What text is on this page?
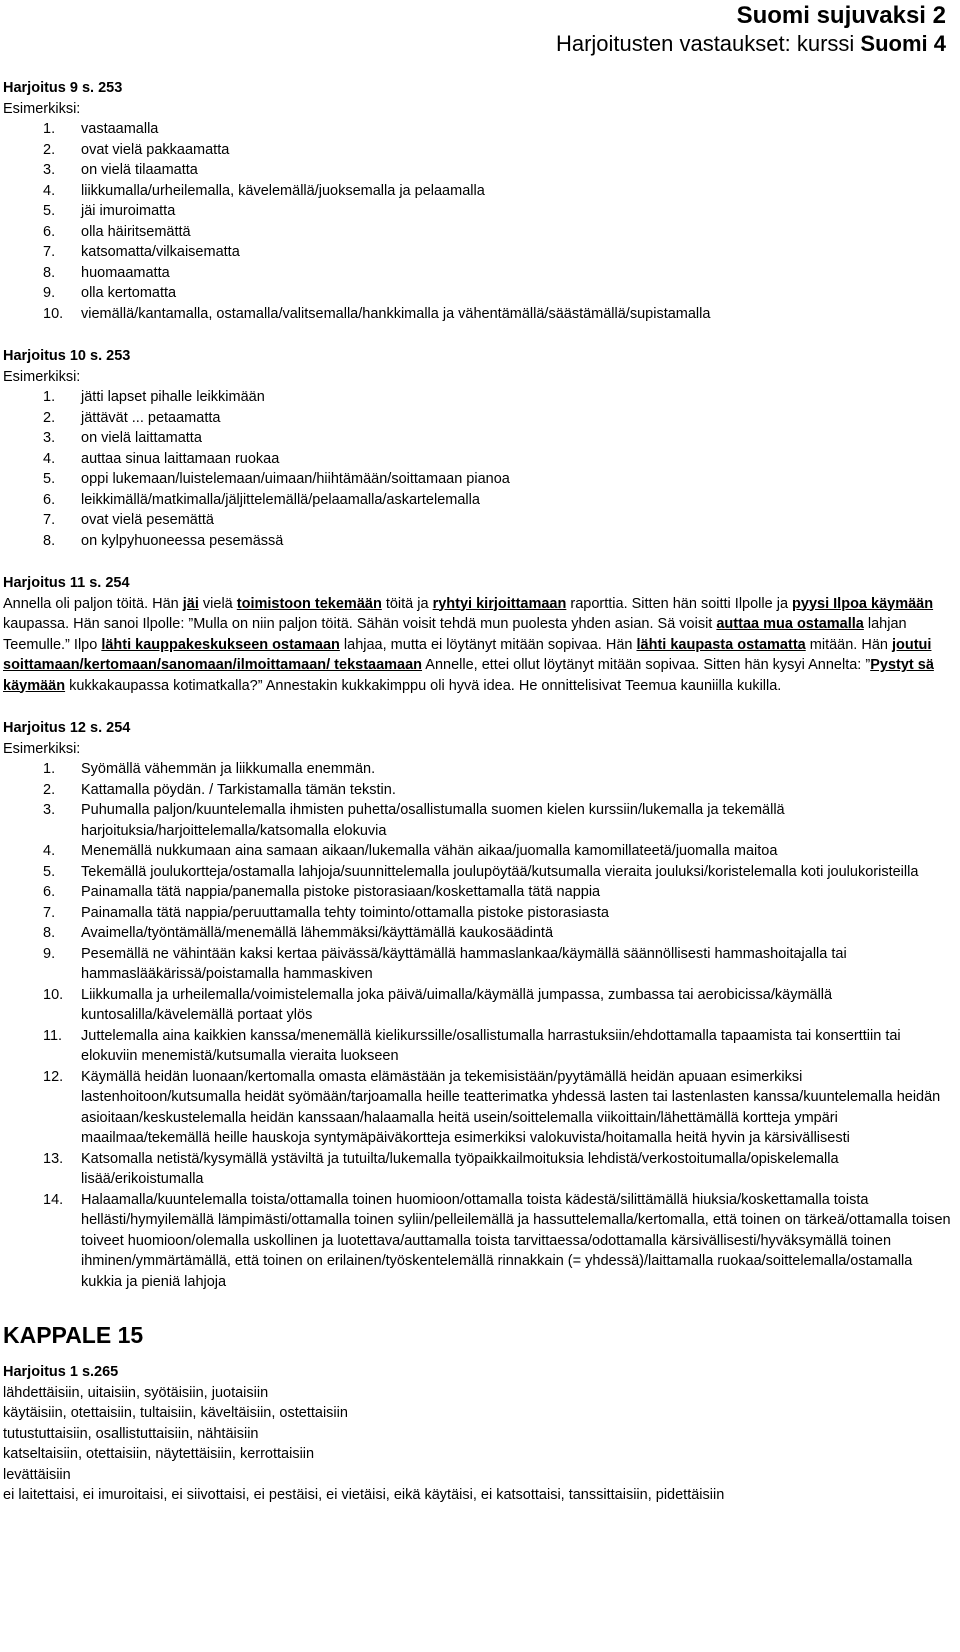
Suomi sujuvaksi 2
Harjoitusten vastaukset: kurssi Suomi 4
Harjoitus 9 s. 253
Esimerkiksi:
1.	vastaamalla
2.	ovat vielä pakkaamatta
3.	on vielä tilaamatta
4.	liikkumalla/urheilemalla, kävelemällä/juoksemalla ja pelaamalla
5.	jäi imuroimatta
6.	olla häiritsemättä
7.	katsomatta/vilkaisematta
8.	huomaamatta
9.	olla kertomatta
10.	viemällä/kantamalla, ostamalla/valitsemalla/hankkimalla ja vähentämällä/säästämällä/supistamalla
Harjoitus 10 s. 253
Esimerkiksi:
1.	jätti lapset pihalle leikkimään
2.	jättävät ... petaamatta
3.	on vielä laittamatta
4.	auttaa sinua laittamaan ruokaa
5.	oppi lukemaan/luistelemaan/uimaan/hiihtämään/soittamaan pianoa
6.	leikkimällä/matkimalla/jäljittelemällä/pelaamalla/askartelemalla
7.	ovat vielä pesemättä
8.	on kylpyhuoneessa pesemässä
Harjoitus 11 s. 254

Annella oli paljon töitä. Hän jäi vielä toimistoon tekemään töitä ja ryhtyi kirjoittamaan raporttia. Sitten hän soitti Ilpolle ja pyysi Ilpoa käymään kaupassa. Hän sanoi Ilpolle: ”Mulla on niin paljon töitä. Sähän voisit tehdä mun puolesta yhden asian. Sä voisit auttaa mua ostamalla lahjan Teemulle.” Ilpo lähti kauppakeskukseen ostamaan lahjaa, mutta ei löytänyt mitään sopivaa. Hän lähti kaupasta ostamatta mitään. Hän joutui soittamaan/kertomaan/sanomaan/ilmoittamaan/ tekstaamaan Annelle, ettei ollut löytänyt mitään sopivaa. Sitten hän kysyi Annelta: ”Pystyt sä käymään kukkakaupassa kotimatkalla?” Annestakin kukkakimppu oli hyvä idea. He onnittelisivat Teemua kauniilla kukilla.

Harjoitus 12 s. 254
Esimerkiksi:
1.	Syömällä vähemmän ja liikkumalla enemmän.
2.	Kattamalla pöydän. / Tarkistamalla tämän tekstin.
3.	Puhumalla paljon/kuuntelemalla ihmisten puhetta/osallistumalla suomen kielen kurssiin/lukemalla ja tekemällä harjoituksia/harjoittelemalla/katsomalla elokuvia
4.	Menemällä nukkumaan aina samaan aikaan/lukemalla vähän aikaa/juomalla kamomillateetä/juomalla maitoa
5.	Tekemällä joulukortteja/ostamalla lahjoja/suunnittelemalla joulupöytää/kutsumalla vieraita jouluksi/koristelemalla koti joulukoristeilla
6.	Painamalla tätä nappia/panemalla pistoke pistorasiaan/koskettamalla tätä nappia
7.	Painamalla tätä nappia/peruuttamalla tehty toiminto/ottamalla pistoke pistorasiasta
8.	Avaimella/työntämällä/menemällä lähemmäksi/käyttämällä kaukosäädintä
9.	Pesemällä ne vähintään kaksi kertaa päivässä/käyttämällä hammaslankaa/käymällä säännöllisesti hammashoitajalla tai hammaslääkärissä/poistamalla hammaskiven
10.	Liikkumalla ja urheilemalla/voimistelemalla joka päivä/uimalla/käymällä jumpassa, zumbassa tai aerobicissa/käymällä kuntosalilla/kävelemällä portaat ylös
11.	Juttelemalla aina kaikkien kanssa/menemällä kielikurssille/osallistumalla harrastuksiin/ehdottamalla tapaamista tai konserttiin tai elokuviin menemistä/kutsumalla vieraita luokseen
12.	Käymällä heidän luonaan/kertomalla omasta elämästään ja tekemisistään/pyytämällä heidän apuaan esimerkiksi lastenhoitoon/kutsumalla heidät syömään/tarjoamalla heille teatterimatka yhdessä lasten tai lastenlasten kanssa/kuuntelemalla heidän asioitaan/keskustelemalla heidän kanssaan/halaamalla heitä usein/soittelemalla viikoittain/lähettämällä kortteja ympäri maailmaa/tekemällä heille hauskoja syntymäpäiväkortteja esimerkiksi valokuvista/hoitamalla heitä hyvin ja kärsivällisesti
13.	Katsomalla netistä/kysymällä ystäviltä ja tutuilta/lukemalla työpaikkailmoituksia lehdistä/verkostoitumalla/opiskelemalla lisää/erikoistumalla
14.	Halaamalla/kuuntelemalla toista/ottamalla toinen huomioon/ottamalla toista kädestä/silittämällä hiuksia/koskettamalla toista hellästi/hymyilemällä lämpimästi/ottamalla toinen syliin/pelleilemällä ja hassuttelemalla/kertomalla, että toinen on tärkeä/ottamalla toisen toiveet huomioon/olemalla uskollinen ja luotettava/auttamalla toista tarvittaessa/odottamalla kärsivällisesti/hyväksymällä toinen ihminen/ymmärtämällä, että toinen on erilainen/työskentelemällä rinnakkain (= yhdessä)/laittamalla ruokaa/soittelemalla/ostamalla kukkia ja pieniä lahjoja
KAPPALE 15
Harjoitus 1 s.265
lähdettäisiin, uitaisiin, syötäisiin, juotaisiin
käytäisiin, otettaisiin, tultaisiin, käveltäisiin, ostettaisiin
tutustuttaisiin, osallistuttaisiin, nähtäisiin
katseltaisiin, otettaisiin, näytettäisiin, kerrottaisiin
levättäisiin
ei laitettaisi, ei imuroitaisi, ei siivottaisi, ei pestäisi, ei vietäisi, eikä käytäisi, ei katsottaisi, tanssittaisiin, pidettäisiin
